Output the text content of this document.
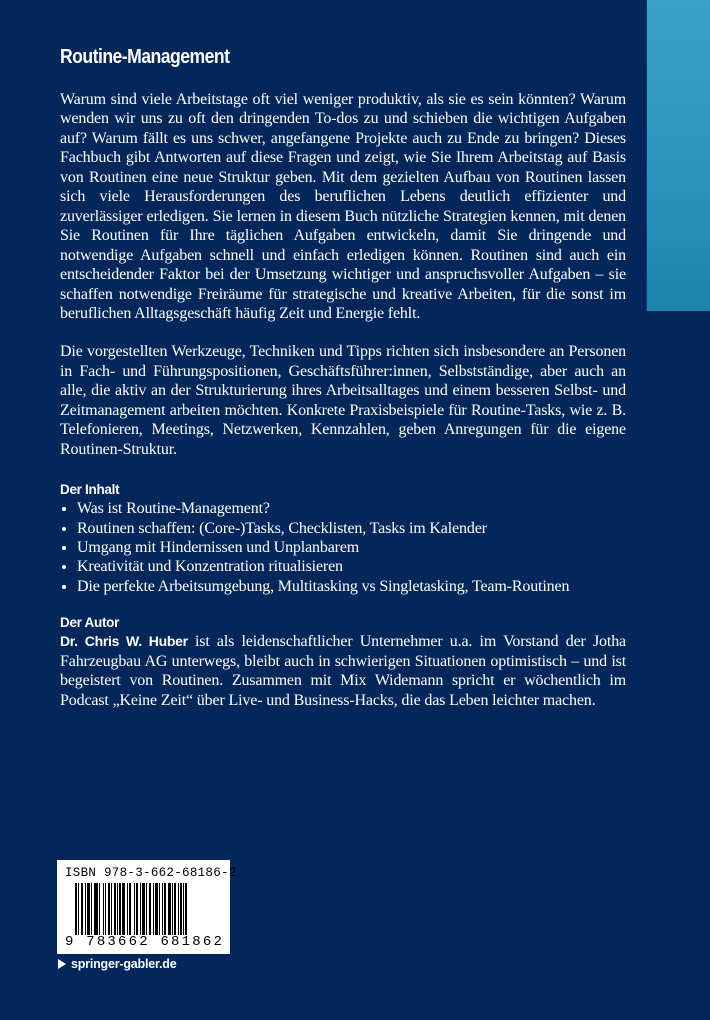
Routine-Management

Warum sind viele Arbeitstage oft viel weniger produktiv, als sie es sein könnten? Warum wenden wir uns zu oft den dringenden To-dos zu und schieben die wichtigen Aufgaben auf? Warum fällt es uns schwer, angefangene Projekte auch zu Ende zu bringen? Dieses Fachbuch gibt Antworten auf diese Fragen und zeigt, wie Sie Ihrem Arbeitstag auf Basis von Routinen eine neue Struktur geben. Mit dem gezielten Aufbau von Routinen lassen sich viele Herausforderungen des beruflichen Lebens deutlich effizienter und zuverlässiger erledigen. Sie lernen in diesem Buch nützliche Strategien kennen, mit denen Sie Routinen für Ihre täglichen Aufgaben entwickeln, damit Sie dringende und notwendige Aufgaben schnell und einfach erledigen können. Routinen sind auch ein entscheidender Faktor bei der Umsetzung wichtiger und anspruchsvoller Aufgaben – sie schaffen notwendige Freiräume für strategische und kreative Arbeiten, für die sonst im beruflichen Alltagsgeschäft häufig Zeit und Energie fehlt.

Die vorgestellten Werkzeuge, Techniken und Tipps richten sich insbesondere an Personen in Fach- und Führungspositionen, Geschäftsführer:innen, Selbstständige, aber auch an alle, die aktiv an der Strukturierung ihres Arbeitsalltages und einem besseren Selbst- und Zeitmanagement arbeiten möchten. Konkrete Praxisbeispiele für Routine-Tasks, wie z. B. Telefonieren, Meetings, Netzwerken, Kennzahlen, geben Anregungen für die eigene Routinen-Struktur.

Der Inhalt
Was ist Routine-Management?
Routinen schaffen: (Core-)Tasks, Checklisten, Tasks im Kalender
Umgang mit Hindernissen und Unplanbarem
Kreativität und Konzentration ritualisieren
Die perfekte Arbeitsumgebung, Multitasking vs Singletasking, Team-Routinen
Der Autor

Dr. Chris W. Huber ist als leidenschaftlicher Unternehmer u.a. im Vorstand der Jotha Fahrzeugbau AG unterwegs, bleibt auch in schwierigen Situationen optimistisch – und ist begeistert von Routinen. Zusammen mit Mix Widemann spricht er wöchentlich im Podcast „Keine Zeit“ über Live- und Business-Hacks, die das Leben leichter machen.

ISBN 978-3-662-68186-2
9 783662 681862
springer-gabler.de
